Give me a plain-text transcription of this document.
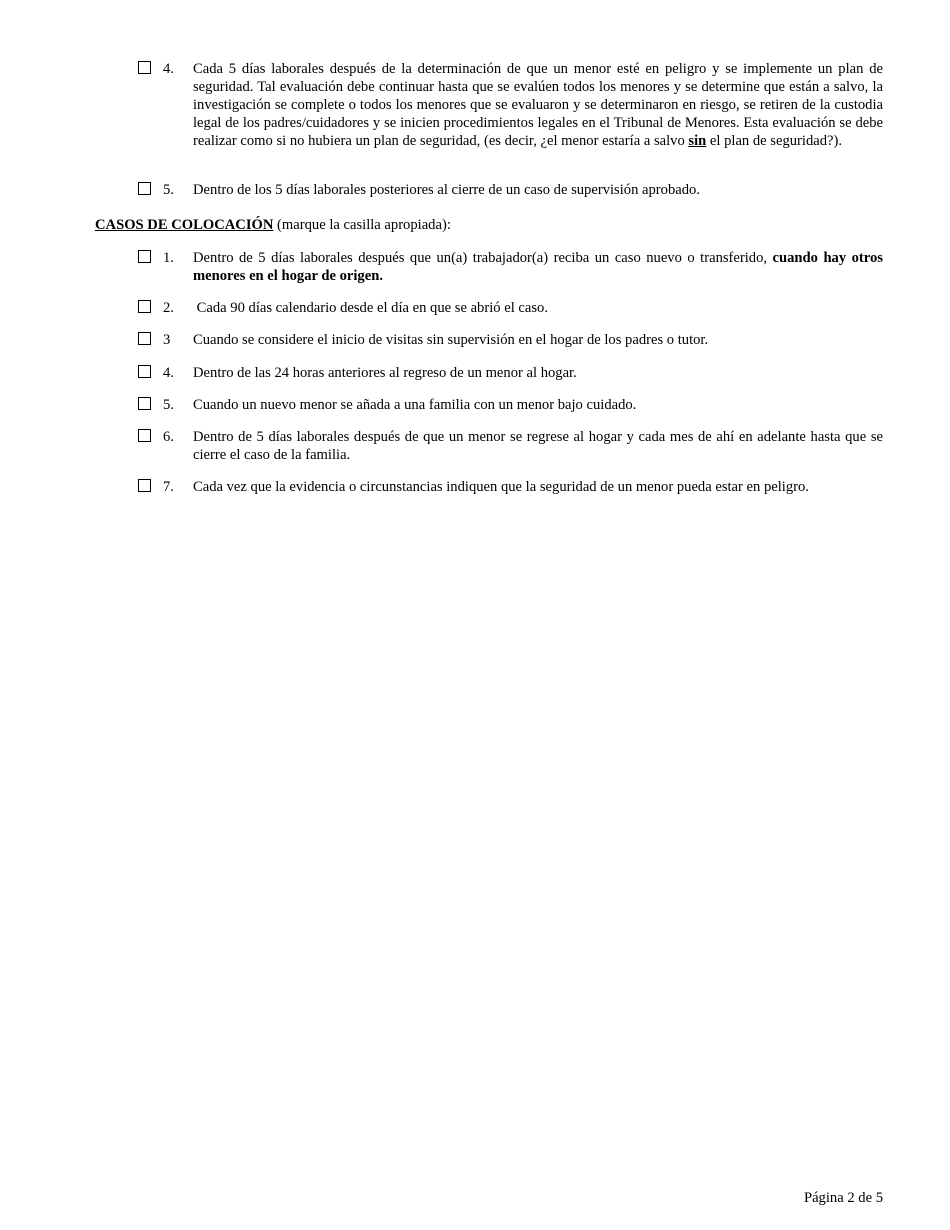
4. Cada 5 días laborales después de la determinación de que un menor esté en peligro y se implemente un plan de seguridad. Tal evaluación debe continuar hasta que se evalúen todos los menores y se determine que están a salvo, la investigación se complete o todos los menores que se evaluaron y se determinaron en riesgo, se retiren de la custodia legal de los padres/cuidadores y se inicien procedimientos legales en el Tribunal de Menores. Esta evaluación se debe realizar como si no hubiera un plan de seguridad, (es decir, ¿el menor estaría a salvo sin el plan de seguridad?).
5. Dentro de los 5 días laborales posteriores al cierre de un caso de supervisión aprobado.
CASOS DE COLOCACIÓN (marque la casilla apropiada):
1. Dentro de 5 días laborales después que un(a) trabajador(a) reciba un caso nuevo o transferido, cuando hay otros menores en el hogar de origen.
2. Cada 90 días calendario desde el día en que se abrió el caso.
3 Cuando se considere el inicio de visitas sin supervisión en el hogar de los padres o tutor.
4. Dentro de las 24 horas anteriores al regreso de un menor al hogar.
5. Cuando un nuevo menor se añada a una familia con un menor bajo cuidado.
6. Dentro de 5 días laborales después de que un menor se regrese al hogar y cada mes de ahí en adelante hasta que se cierre el caso de la familia.
7. Cada vez que la evidencia o circunstancias indiquen que la seguridad de un menor pueda estar en peligro.
Página 2 de 5
